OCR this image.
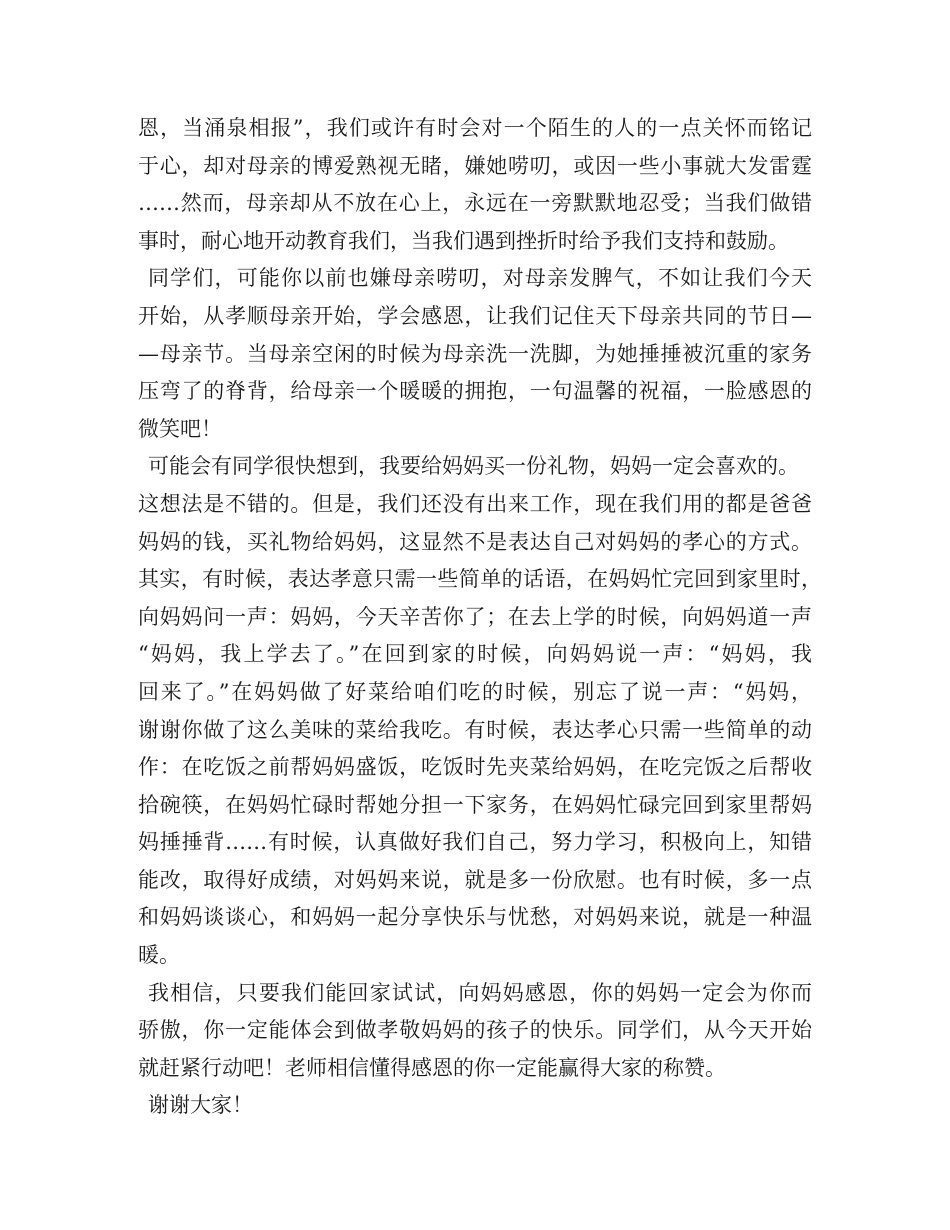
恩，当涌泉相报”，我们或许有时会对一个陌生的人的一点关怀而铭记
于心，却对母亲的博爱熟视无睹，嫌她唠叨，或因一些小事就大发雷霆
……然而，母亲却从不放在心上，永远在一旁默默地忍受；当我们做错
事时，耐心地开动教育我们，当我们遇到挫折时给予我们支持和鼓励。
同学们，可能你以前也嫌母亲唠叨，对母亲发脾气，不如让我们今天
开始，从孝顺母亲开始，学会感恩，让我们记住天下母亲共同的节日—
—母亲节。当母亲空闲的时候为母亲洗一洗脚，为她捶捶被沉重的家务
压弯了的脊背，给母亲一个暖暖的拥抱，一句温馨的祝福，一脸感恩的
微笑吧！
可能会有同学很快想到，我要给妈妈买一份礼物，妈妈一定会喜欢的。
这想法是不错的。但是，我们还没有出来工作，现在我们用的都是爸爸
妈妈的钱，买礼物给妈妈，这显然不是表达自己对妈妈的孝心的方式。
其实，有时候，表达孝意只需一些简单的话语，在妈妈忙完回到家里时，
向妈妈问一声：妈妈，今天辛苦你了；在去上学的时候，向妈妈道一声
“妈妈，我上学去了。”在回到家的时候，向妈妈说一声：“妈妈，我
回来了。”在妈妈做了好菜给咱们吃的时候，别忘了说一声：“妈妈，
谢谢你做了这么美味的菜给我吃。有时候，表达孝心只需一些简单的动
作：在吃饭之前帮妈妈盛饭，吃饭时先夹菜给妈妈，在吃完饭之后帮收
拾碗筷，在妈妈忙碌时帮她分担一下家务，在妈妈忙碌完回到家里帮妈
妈捶捶背……有时候，认真做好我们自己，努力学习，积极向上，知错
能改，取得好成绩，对妈妈来说，就是多一份欣慰。也有时候，多一点
和妈妈谈谈心，和妈妈一起分享快乐与忧愁，对妈妈来说，就是一种温
暖。
我相信，只要我们能回家试试，向妈妈感恩，你的妈妈一定会为你而
骄傲，你一定能体会到做孝敬妈妈的孩子的快乐。同学们，从今天开始
就赶紧行动吧！老师相信懂得感恩的你一定能赢得大家的称赞。
谢谢大家！
